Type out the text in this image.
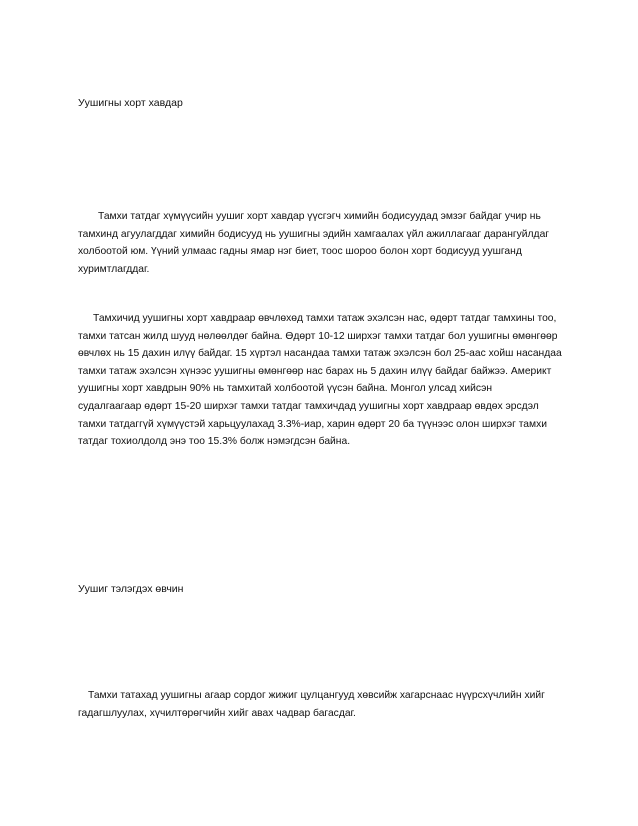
Уушигны хорт хавдар
Тамхи татдаг хүмүүсийн уушиг хорт хавдар үүсгэгч химийн бодисуудад эмзэг байдаг учир нь
тамхинд агуулагддаг химийн бодисууд нь уушигны эдийн хамгаалах үйл ажиллагааг дарангуйлдаг
холбоотой юм. Үүний улмаас гадны ямар нэг биет, тоос шороо болон хорт бодисууд уушганд
хуримтлагддаг.
Тамхичид уушигны хорт хавдраар өвчлөхөд тамхи татаж эхэлсэн нас, өдөрт татдаг тамхины тоо,
тамхи татсан жилд шууд нөлөөлдөг байна. Өдөрт 10-12 ширхэг тамхи татдаг бол уушигны өмөнгөөр
өвчлөх нь 15 дахин илүү байдаг. 15 хүртэл насандаа тамхи татаж эхэлсэн бол 25-аас хойш насандаа
тамхи татаж эхэлсэн хүнээс уушигны өмөнгөөр нас барах нь 5 дахин илүү байдаг байжээ. Америкт
уушигны хорт хавдрын 90% нь тамхитай холбоотой үүсэн байна. Монгол улсад хийсэн
судалгаагаар өдөрт 15-20 ширхэг тамхи татдаг тамхичдад уушигны хорт хавдраар өвдөх эрсдэл
тамхи татдаггүй хүмүүстэй харьцуулахад 3.3%-иар, харин өдөрт 20 ба түүнээс олон ширхэг тамхи
татдаг тохиолдолд энэ тоо 15.3% болж нэмэгдсэн байна.
Уушиг тэлэгдэх өвчин
Тамхи татахад уушигны агаар сордог жижиг цулцангууд хөвсийж хагарснаас нүүрсхүчлийн хийг
гадагшлуулах, хүчилтөрөгчийн хийг авах чадвар багасдаг.
